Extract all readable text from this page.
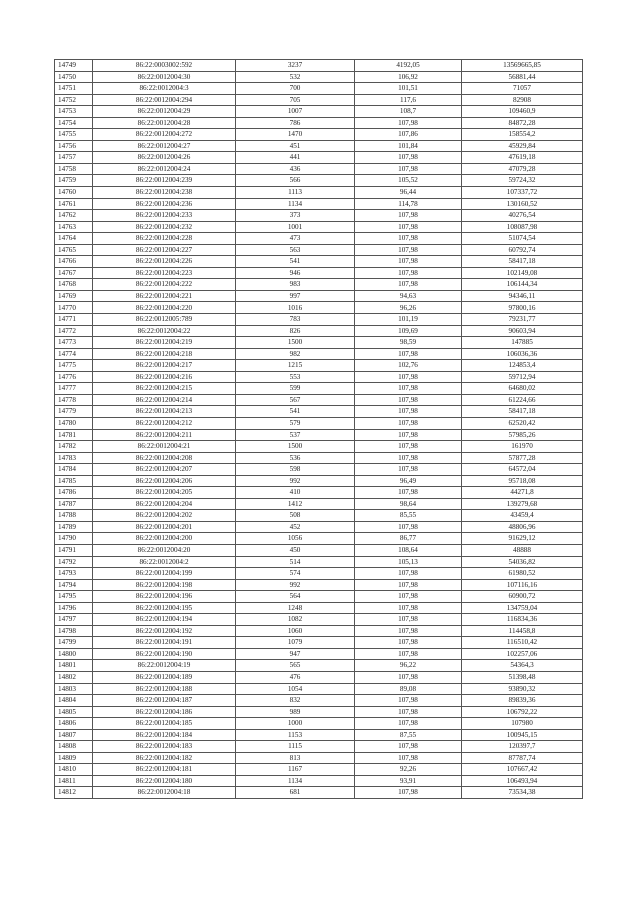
14749	86:22:0003002:592	3237	4192,05	13569665,85
14750	86:22:0012004:30	532	106,92	56881,44
14751	86:22:0012004:3	700	101,51	71057
14752	86:22:0012004:294	705	117,6	82908
14753	86:22:0012004:29	1007	108,7	109460,9
14754	86:22:0012004:28	786	107,98	84872,28
14755	86:22:0012004:272	1470	107,86	158554,2
14756	86:22:0012004:27	451	101,84	45929,84
14757	86:22:0012004:26	441	107,98	47619,18
14758	86:22:0012004:24	436	107,98	47079,28
14759	86:22:0012004:239	566	105,52	59724,32
14760	86:22:0012004:238	1113	96,44	107337,72
14761	86:22:0012004:236	1134	114,78	130160,52
14762	86:22:0012004:233	373	107,98	40276,54
14763	86:22:0012004:232	1001	107,98	108087,98
14764	86:22:0012004:228	473	107,98	51074,54
14765	86:22:0012004:227	563	107,98	60792,74
14766	86:22:0012004:226	541	107,98	58417,18
14767	86:22:0012004:223	946	107,98	102149,08
14768	86:22:0012004:222	983	107,98	106144,34
14769	86:22:0012004:221	997	94,63	94346,11
14770	86:22:0012004:220	1016	96,26	97800,16
14771	86:22:0012005:789	783	101,19	79231,77
14772	86:22:0012004:22	826	109,69	90603,94
14773	86:22:0012004:219	1500	98,59	147885
14774	86:22:0012004:218	982	107,98	106036,36
14775	86:22:0012004:217	1215	102,76	124853,4
14776	86:22:0012004:216	553	107,98	59712,94
14777	86:22:0012004:215	599	107,98	64680,02
14778	86:22:0012004:214	567	107,98	61224,66
14779	86:22:0012004:213	541	107,98	58417,18
14780	86:22:0012004:212	579	107,98	62520,42
14781	86:22:0012004:211	537	107,98	57985,26
14782	86:22:0012004:21	1500	107,98	161970
14783	86:22:0012004:208	536	107,98	57877,28
14784	86:22:0012004:207	598	107,98	64572,04
14785	86:22:0012004:206	992	96,49	95718,08
14786	86:22:0012004:205	410	107,98	44271,8
14787	86:22:0012004:204	1412	98,64	139279,68
14788	86:22:0012004:202	508	85,55	43459,4
14789	86:22:0012004:201	452	107,98	48806,96
14790	86:22:0012004:200	1056	86,77	91629,12
14791	86:22:0012004:20	450	108,64	48888
14792	86:22:0012004:2	514	105,13	54036,82
14793	86:22:0012004:199	574	107,98	61980,52
14794	86:22:0012004:198	992	107,98	107116,16
14795	86:22:0012004:196	564	107,98	60900,72
14796	86:22:0012004:195	1248	107,98	134759,04
14797	86:22:0012004:194	1082	107,98	116834,36
14798	86:22:0012004:192	1060	107,98	114458,8
14799	86:22:0012004:191	1079	107,98	116510,42
14800	86:22:0012004:190	947	107,98	102257,06
14801	86:22:0012004:19	565	96,22	54364,3
14802	86:22:0012004:189	476	107,98	51398,48
14803	86:22:0012004:188	1054	89,08	93890,32
14804	86:22:0012004:187	832	107,98	89839,36
14805	86:22:0012004:186	989	107,98	106792,22
14806	86:22:0012004:185	1000	107,98	107980
14807	86:22:0012004:184	1153	87,55	100945,15
14808	86:22:0012004:183	1115	107,98	120397,7
14809	86:22:0012004:182	813	107,98	87787,74
14810	86:22:0012004:181	1167	92,26	107667,42
14811	86:22:0012004:180	1134	93,91	106493,94
14812	86:22:0012004:18	681	107,98	73534,38
